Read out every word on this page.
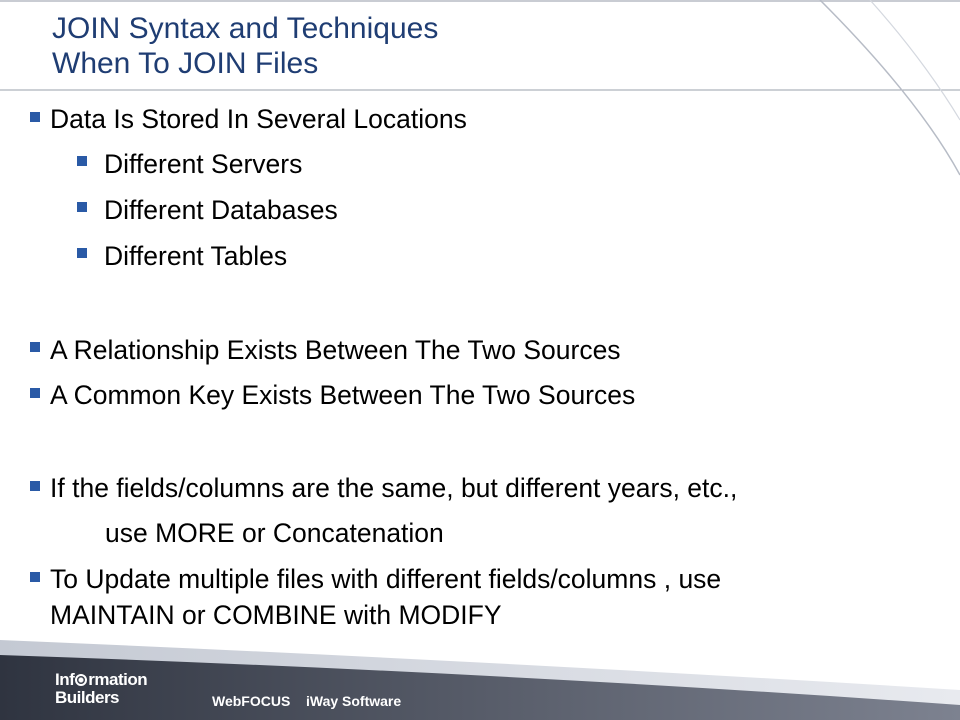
JOIN Syntax and Techniques
When To JOIN Files
Data Is Stored In Several Locations
Different Servers
Different Databases
Different Tables
A Relationship Exists Between The Two Sources
A Common Key Exists Between The Two Sources
If the fields/columns are the same, but different years, etc.,
use MORE or Concatenation
To Update multiple files with different fields/columns , use
MAINTAIN or COMBINE with MODIFY
Inf rmation
Builders	WebFOCUS iWay Software
